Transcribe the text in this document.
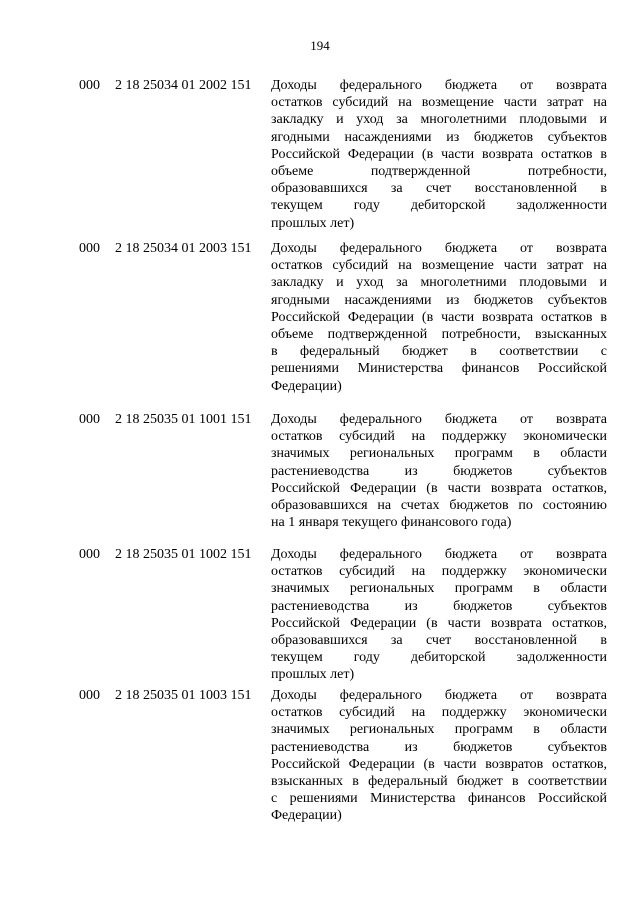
194
000 2 18 25034 01 2002 151 Доходы федерального бюджета от возврата
остатков субсидий на возмещение части затрат на
закладку и уход за многолетними плодовыми и
ягодными насаждениями из бюджетов субъектов
Российской Федерации (в части возврата остатков в
объеме подтвержденной потребности,
образовавшихся за счет восстановленной в
текущем году дебиторской задолженности
прошлых лет)
000 2 18 25034 01 2003 151 Доходы федерального бюджета от возврата
остатков субсидий на возмещение части затрат на
закладку и уход за многолетними плодовыми и
ягодными насаждениями из бюджетов субъектов
Российской Федерации (в части возврата остатков в
объеме подтвержденной потребности, взысканных
в федеральный бюджет в соответствии с
решениями Министерства финансов Российской
Федерации)
000 2 18 25035 01 1001 151 Доходы федерального бюджета от возврата
остатков субсидий на поддержку экономически
значимых региональных программ в области
растениеводства из бюджетов субъектов
Российской Федерации (в части возврата остатков,
образовавшихся на счетах бюджетов по состоянию
на 1 января текущего финансового года)
000 2 18 25035 01 1002 151 Доходы федерального бюджета от возврата
остатков субсидий на поддержку экономически
значимых региональных программ в области
растениеводства из бюджетов субъектов
Российской Федерации (в части возврата остатков,
образовавшихся за счет восстановленной в
текущем году дебиторской задолженности
прошлых лет)
000 2 18 25035 01 1003 151 Доходы федерального бюджета от возврата
остатков субсидий на поддержку экономически
значимых региональных программ в области
растениеводства из бюджетов субъектов
Российской Федерации (в части возвратов остатков,
взысканных в федеральный бюджет в соответствии
с решениями Министерства финансов Российской
Федерации)
